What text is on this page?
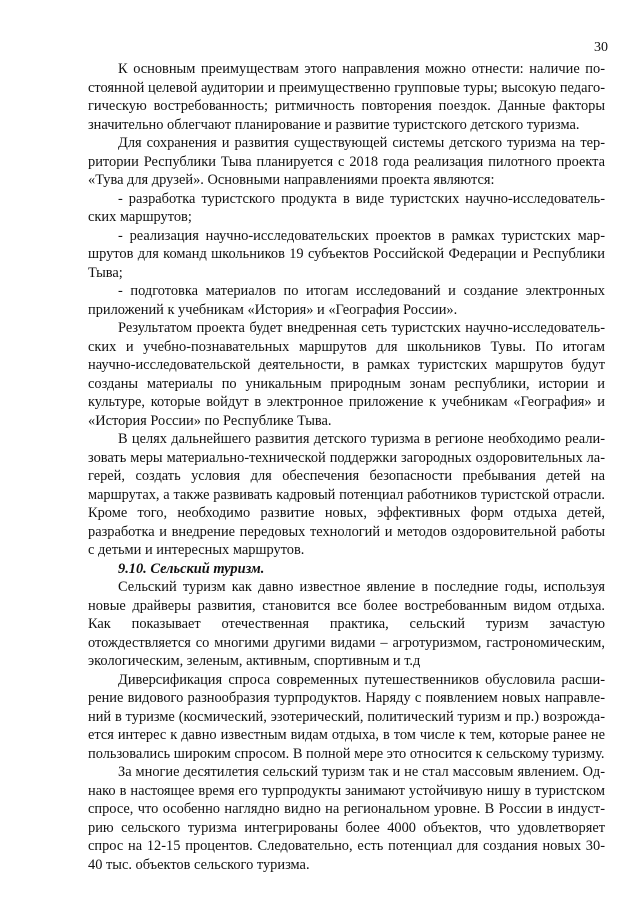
30

К основным преимуществам этого направления можно отнести: наличие постоянной целевой аудитории и преимущественно групповые туры; высокую педагогическую востребованность; ритмичность повторения поездок. Данные факторы значительно облегчают планирование и развитие туристского детского туризма.

Для сохранения и развития существующей системы детского туризма на территории Республики Тыва планируется с 2018 года реализация пилотного проекта «Тува для друзей». Основными направлениями проекта являются:

- разработка туристского продукта в виде туристских научно-исследовательских маршрутов;

- реализация научно-исследовательских проектов в рамках туристских маршрутов для команд школьников 19 субъектов Российской Федерации и Республики Тыва;

- подготовка материалов по итогам исследований и создание электронных приложений к учебникам «История» и «География России».

Результатом проекта будет внедренная сеть туристских научно-исследовательских и учебно-познавательных маршрутов для школьников Тувы. По итогам научно-исследовательской деятельности, в рамках туристских маршрутов будут созданы материалы по уникальным природным зонам республики, истории и культуре, которые войдут в электронное приложение к учебникам «География» и «История России» по Республике Тыва.

В целях дальнейшего развития детского туризма в регионе необходимо реализовать меры материально-технической поддержки загородных оздоровительных лагерей, создать условия для обеспечения безопасности пребывания детей на маршрутах, а также развивать кадровый потенциал работников туристской отрасли. Кроме того, необходимо развитие новых, эффективных форм отдыха детей, разработка и внедрение передовых технологий и методов оздоровительной работы с детьми и интересных маршрутов.

9.10. Сельский туризм.

Сельский туризм как давно известное явление в последние годы, используя новые драйверы развития, становится все более востребованным видом отдыха. Как показывает отечественная практика, сельский туризм зачастую отождествляется со многими другими видами – агротуризмом, гастрономическим, экологическим, зеленым, активным, спортивным и т.д

Диверсификация спроса современных путешественников обусловила расширение видового разнообразия турпродуктов. Наряду с появлением новых направлений в туризме (космический, эзотерический, политический туризм и пр.) возрождается интерес к давно известным видам отдыха, в том числе к тем, которые ранее не пользовались широким спросом. В полной мере это относится к сельскому туризму.

За многие десятилетия сельский туризм так и не стал массовым явлением. Однако в настоящее время его турпродукты занимают устойчивую нишу в туристском спросе, что особенно наглядно видно на региональном уровне. В России в индустрию сельского туризма интегрированы более 4000 объектов, что удовлетворяет спрос на 12-15 процентов. Следовательно, есть потенциал для создания новых 30-40 тыс. объектов сельского туризма.
